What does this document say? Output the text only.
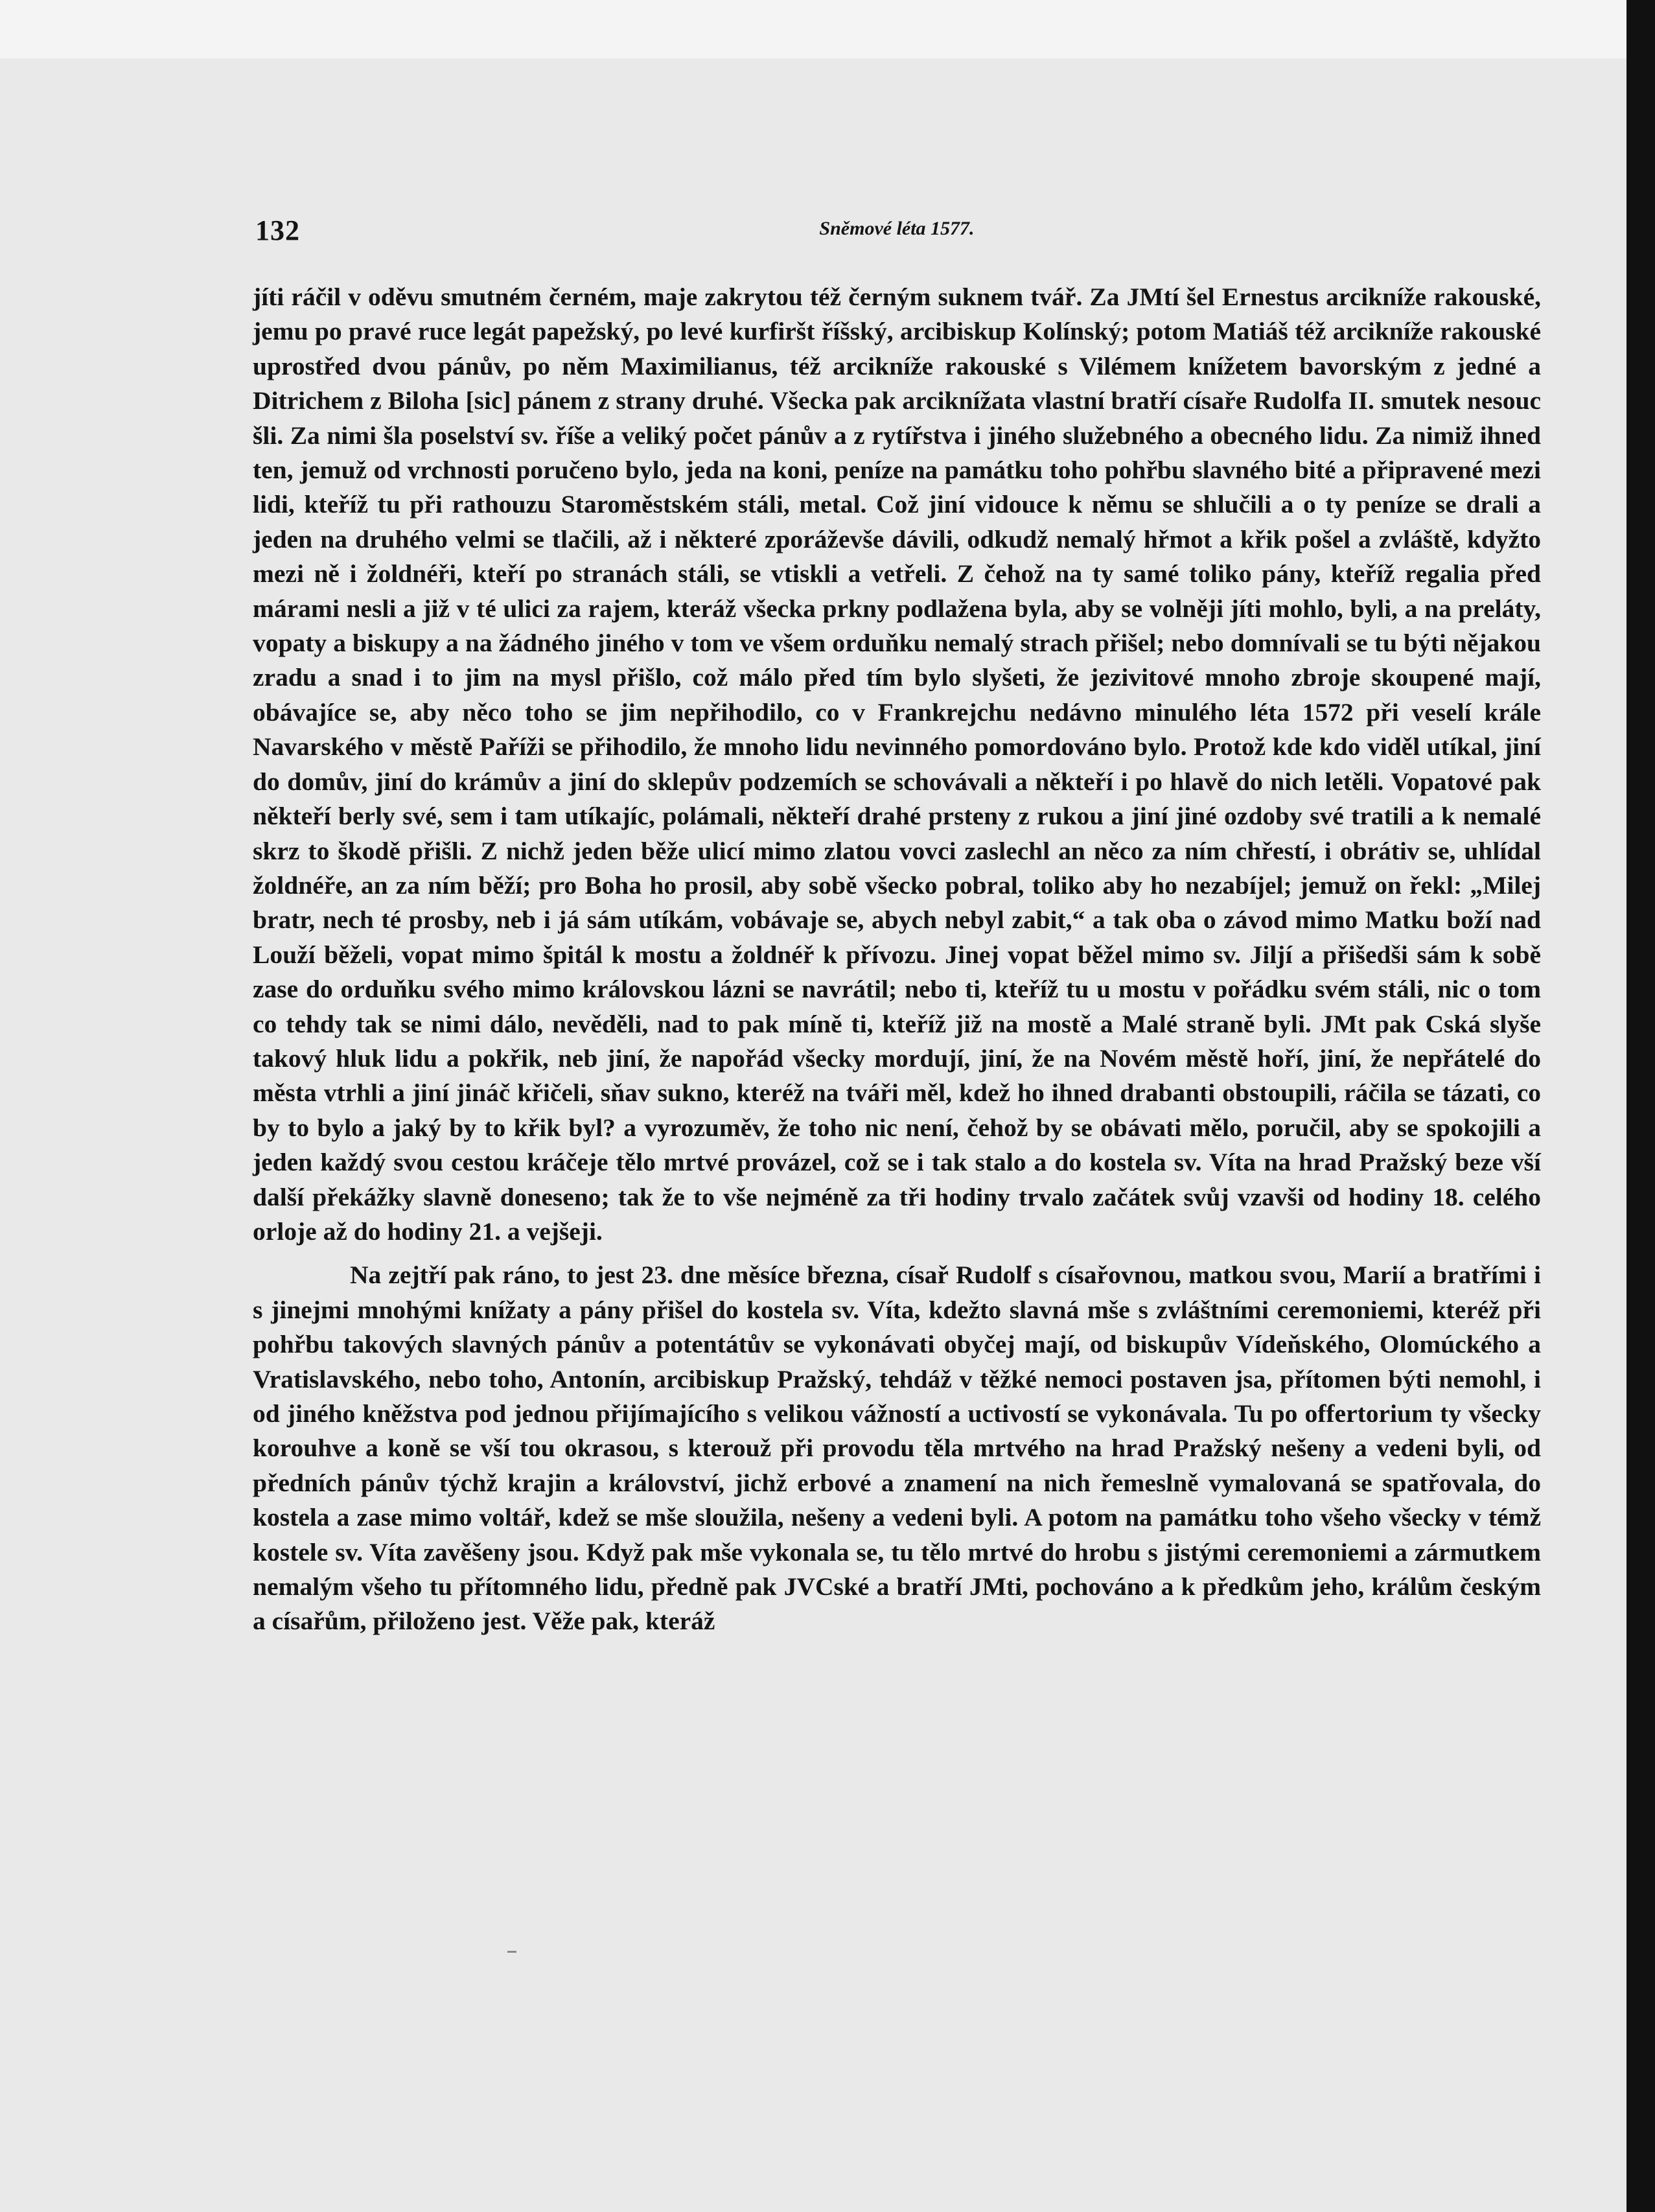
132	Sněmové léta 1577.

jíti ráčil v oděvu smutném černém, maje zakrytou též černým suknem tvář. Za JMtí šel Ernestus arcikníže rakouské, jemu po pravé ruce legát papežský, po levé kurfiršt říšský, arcibiskup Kolínský; potom Matiáš též arcikníže rakouské uprostřed dvou pánův, po něm Maximilianus, též arcikníže rakouské s Vilémem knížetem bavorským z jedné a Ditrichem z Biloha [sic] pánem z strany druhé. Všecka pak arciknížata vlastní bratří císaře Rudolfa II. smutek nesouc šli. Za nimi šla poselství sv. říše a veliký počet pánův a z rytířstva i jiného služebného a obecného lidu. Za nimiž ihned ten, jemuž od vrchnosti poručeno bylo, jeda na koni, peníze na památku toho pohřbu slavného bité a připravené mezi lidi, kteříž tu při rathouzu Staroměstském stáli, metal. Což jiní vidouce k němu se shlučili a o ty peníze se drali a jeden na druhého velmi se tlačili, až i některé zporáževše dávili, odkudž nemalý hřmot a křik pošel a zvláště, kdyžto mezi ně i žoldnéři, kteří po stranách stáli, se vtiskli a vetřeli. Z čehož na ty samé toliko pány, kteříž regalia před márami nesli a již v té ulici za rajem, kteráž všecka prkny podlažena byla, aby se volněji jíti mohlo, byli, a na preláty, vopaty a biskupy a na žádného jiného v tom ve všem orduňku nemalý strach přišel; nebo domnívali se tu býti nějakou zradu a snad i to jim na mysl přišlo, což málo před tím bylo slyšeti, že jezivitové mnoho zbroje skoupené mají, obávajíce se, aby něco toho se jim nepřihodilo, co v Frankrejchu nedávno minulého léta 1572 při veselí krále Navarského v městě Paříži se přihodilo, že mnoho lidu nevinného pomordováno bylo. Protož kde kdo viděl utíkal, jiní do domův, jiní do krámův a jiní do sklepův podzemích se schovávali a někteří i po hlavě do nich letěli. Vopatové pak někteří berly své, sem i tam utíkajíc, polámali, někteří drahé prsteny z rukou a jiní jiné ozdoby své tratili a k nemalé skrz to škodě přišli. Z nichž jeden běže ulicí mimo zlatou vovci zaslechl an něco za ním chřestí, i obrátiv se, uhlídal žoldnéře, an za ním běží; pro Boha ho prosil, aby sobě všecko pobral, toliko aby ho nezabíjel; jemuž on řekl: „Milej bratr, nech té prosby, neb i já sám utíkám, vobávaje se, abych nebyl zabit,“ a tak oba o závod mimo Matku boží nad Louží běželi, vopat mimo špitál k mostu a žoldnéř k přívozu. Jinej vopat běžel mimo sv. Jiljí a přišedši sám k sobě zase do orduňku svého mimo královskou lázni se navrátil; nebo ti, kteříž tu u mostu v pořádku svém stáli, nic o tom co tehdy tak se nimi dálo, nevěděli, nad to pak míně ti, kteříž již na mostě a Malé straně byli. JMt pak Cská slyše takový hluk lidu a pokřik, neb jiní, že napořád všecky mordují, jiní, že na Novém městě hoří, jiní, že nepřátelé do města vtrhli a jiní jináč křičeli, sňav sukno, kteréž na tváři měl, kdež ho ihned drabanti obstoupili, ráčila se tázati, co by to bylo a jaký by to křik byl? a vyrozuměv, že toho nic není, čehož by se obávati mělo, poručil, aby se spokojili a jeden každý svou cestou kráčeje tělo mrtvé provázel, což se i tak stalo a do kostela sv. Víta na hrad Pražský beze vší další překážky slavně doneseno; tak že to vše nejméně za tři hodiny trvalo začátek svůj vzavši od hodiny 18. celého orloje až do hodiny 21. a vejšeji.

Na zejtří pak ráno, to jest 23. dne měsíce března, císař Rudolf s císařovnou, matkou svou, Marií a bratřími i s jinejmi mnohými knížaty a pány přišel do kostela sv. Víta, kdežto slavná mše s zvláštními ceremoniemi, kteréž při pohřbu takových slavných pánův a potentátův se vykonávati obyčej mají, od biskupův Vídeňského, Olomúckého a Vratislavského, nebo toho, Antonín, arcibiskup Pražský, tehdáž v těžké nemoci postaven jsa, přítomen býti nemohl, i od jiného kněžstva pod jednou přijímajícího s velikou vážností a uctivostí se vykonávala. Tu po offertorium ty všecky korouhve a koně se vší tou okrasou, s kterouž při provodu těla mrtvého na hrad Pražský nešeny a vedeni byli, od předních pánův týchž krajin a království, jichž erbové a znamení na nich řemeslně vymalovaná se spatřovala, do kostela a zase mimo voltář, kdež se mše sloužila, nešeny a vedeni byli. A potom na památku toho všeho všecky v témž kostele sv. Víta zavěšeny jsou. Když pak mše vykonala se, tu tělo mrtvé do hrobu s jistými ceremoniemi a zármutkem nemalým všeho tu přítomného lidu, předně pak JVCské a bratří JMti, pochováno a k předkům jeho, králům českým a císařům, přiloženo jest. Věže pak, kteráž
